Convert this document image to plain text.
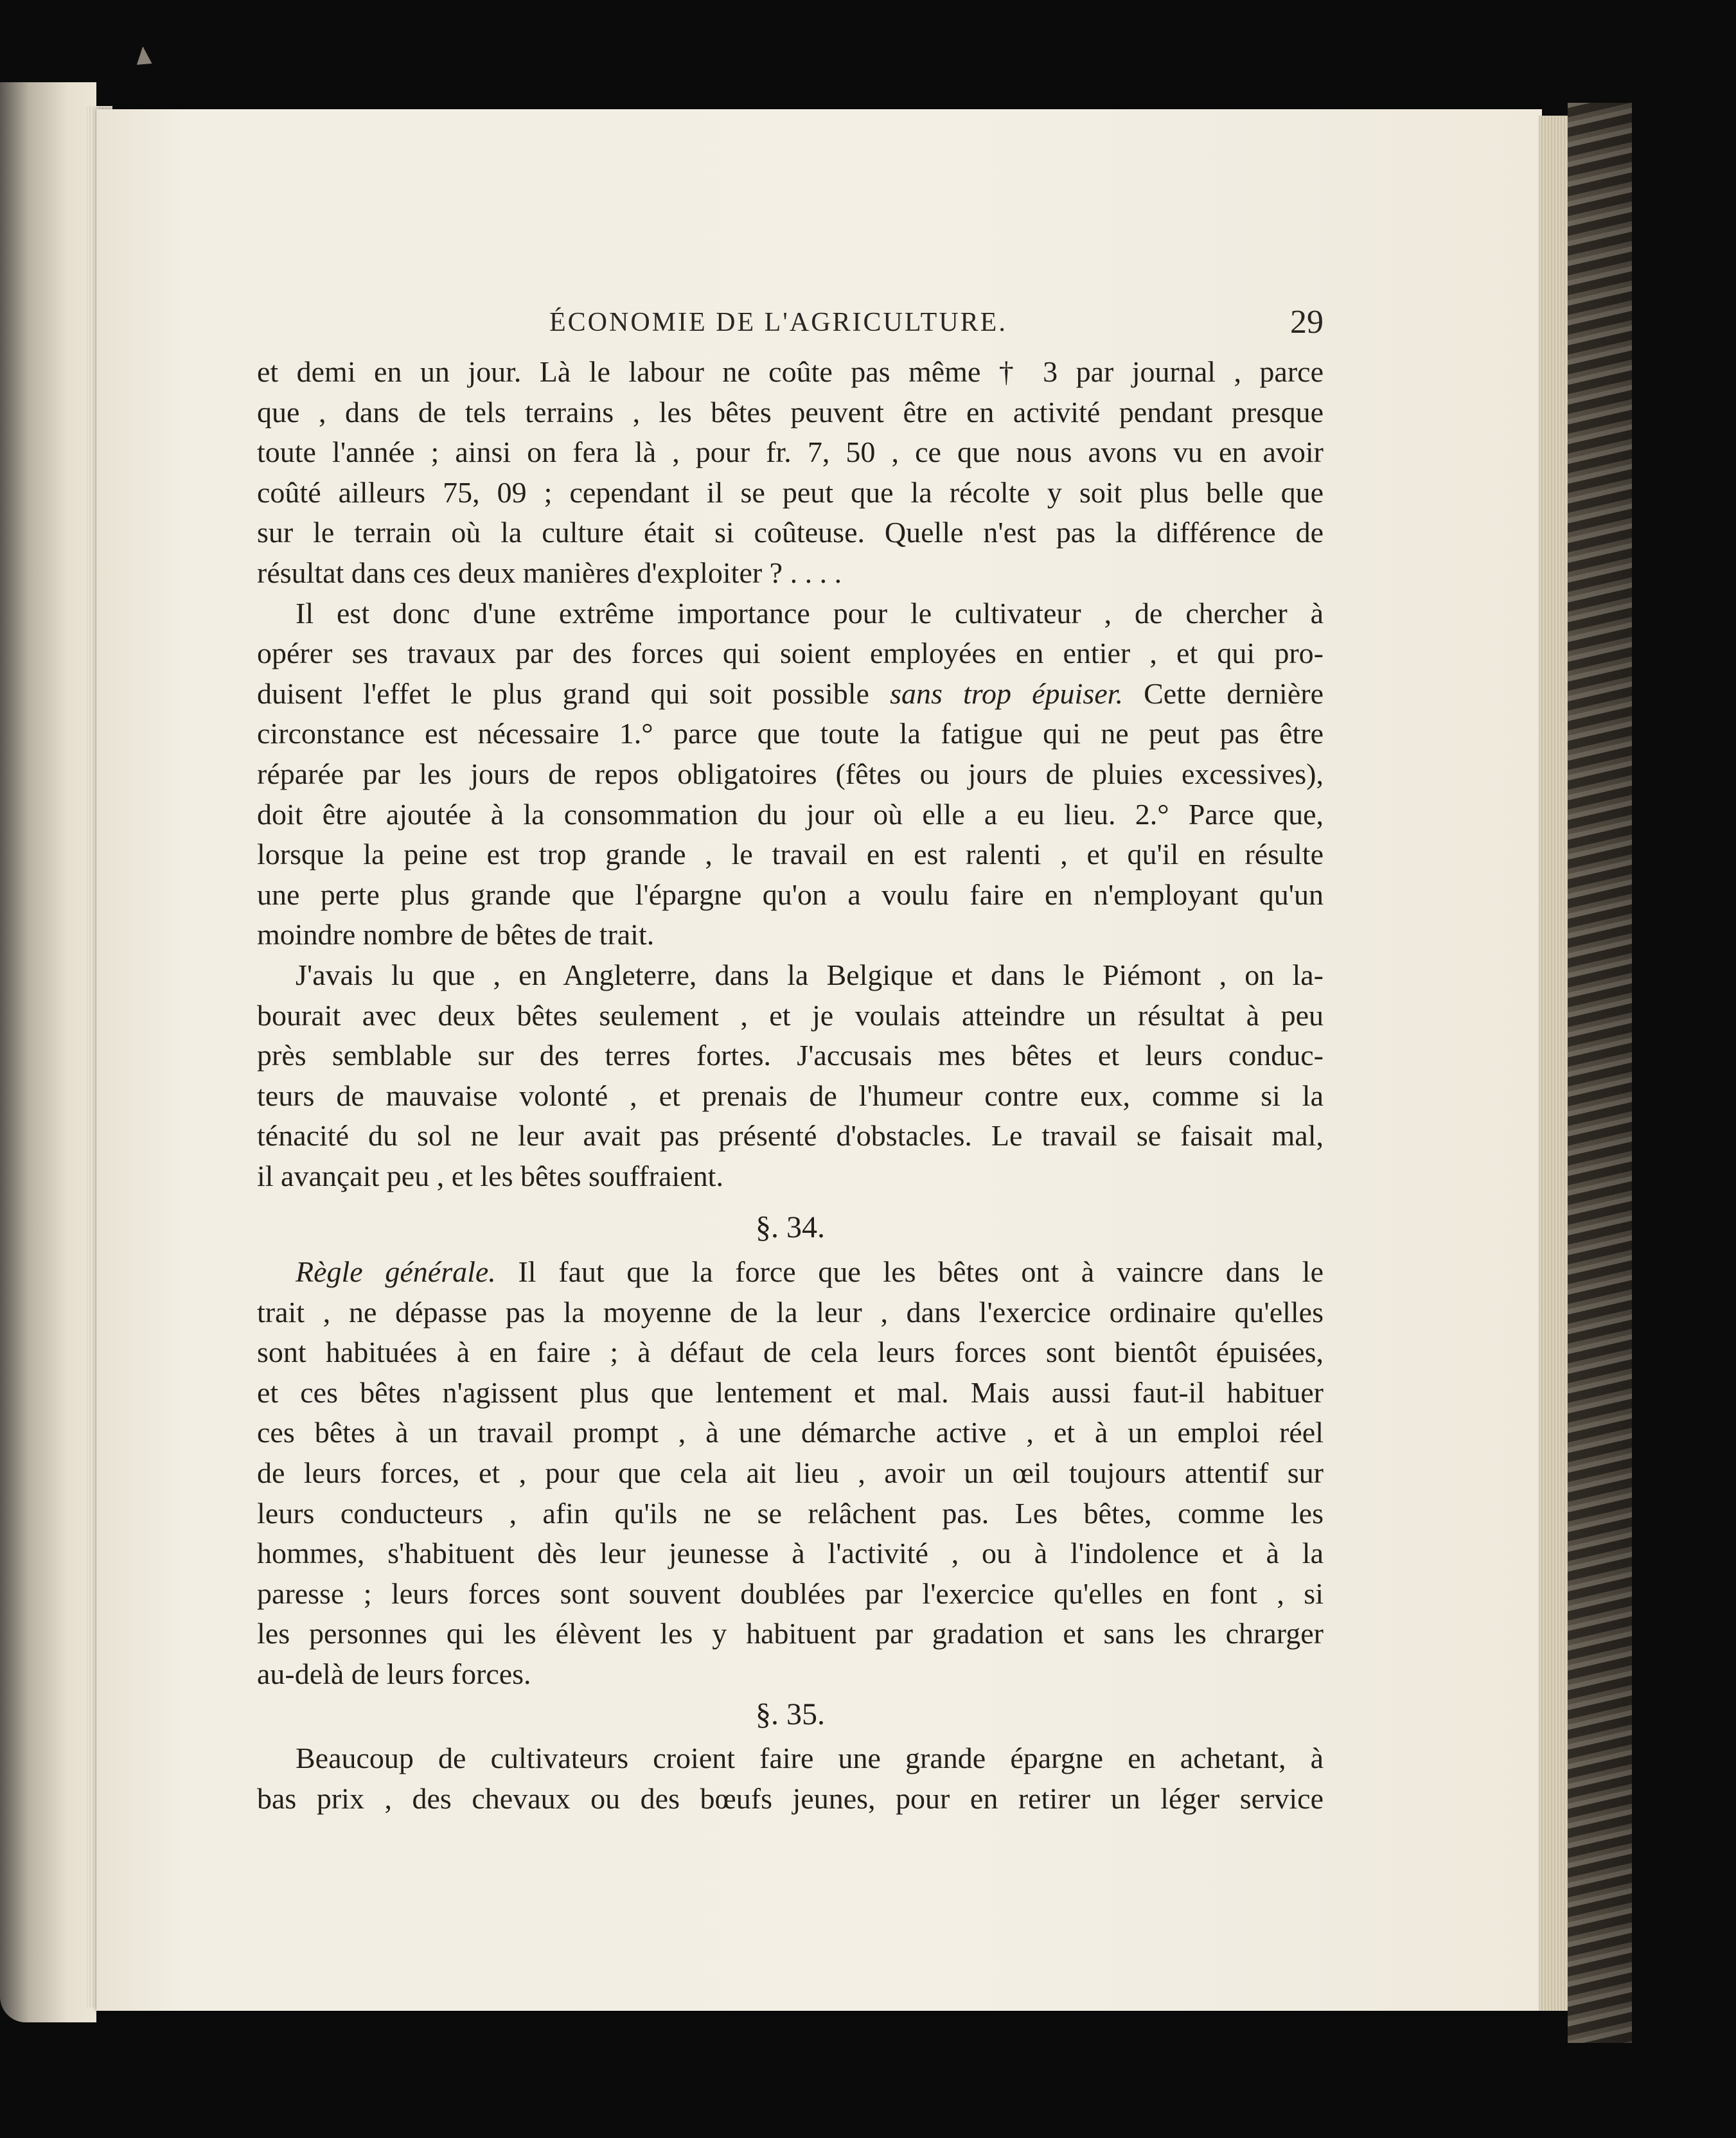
ÉCONOMIE DE L'AGRICULTURE.	29
et demi en un jour. Là le labour ne coûte pas même † 3 par journal , parce
que , dans de tels terrains , les bêtes peuvent être en activité pendant presque
toute l'année ; ainsi on fera là , pour fr. 7, 50 , ce que nous avons vu en avoir
coûté ailleurs 75, 09 ; cependant il se peut que la récolte y soit plus belle que
sur le terrain où la culture était si coûteuse. Quelle n'est pas la différence de
résultat dans ces deux manières d'exploiter ? . . . .
Il est donc d'une extrême importance pour le cultivateur , de chercher à
opérer ses travaux par des forces qui soient employées en entier , et qui pro-
duisent l'effet le plus grand qui soit possible sans trop épuiser. Cette dernière
circonstance est nécessaire 1.° parce que toute la fatigue qui ne peut pas être
réparée par les jours de repos obligatoires (fêtes ou jours de pluies excessives),
doit être ajoutée à la consommation du jour où elle a eu lieu. 2.° Parce que,
lorsque la peine est trop grande , le travail en est ralenti , et qu'il en résulte
une perte plus grande que l'épargne qu'on a voulu faire en n'employant qu'un
moindre nombre de bêtes de trait.
J'avais lu que , en Angleterre, dans la Belgique et dans le Piémont , on la-
bourait avec deux bêtes seulement , et je voulais atteindre un résultat à peu
près semblable sur des terres fortes. J'accusais mes bêtes et leurs conduc-
teurs de mauvaise volonté , et prenais de l'humeur contre eux, comme si la
ténacité du sol ne leur avait pas présenté d'obstacles. Le travail se faisait mal,
il avançait peu , et les bêtes souffraient.
§. 34.
Règle générale. Il faut que la force que les bêtes ont à vaincre dans le
trait , ne dépasse pas la moyenne de la leur , dans l'exercice ordinaire qu'elles
sont habituées à en faire ; à défaut de cela leurs forces sont bientôt épuisées,
et ces bêtes n'agissent plus que lentement et mal. Mais aussi faut-il habituer
ces bêtes à un travail prompt , à une démarche active , et à un emploi réel
de leurs forces, et , pour que cela ait lieu , avoir un œil toujours attentif sur
leurs conducteurs , afin qu'ils ne se relâchent pas. Les bêtes, comme les
hommes, s'habituent dès leur jeunesse à l'activité , ou à l'indolence et à la
paresse ; leurs forces sont souvent doublées par l'exercice qu'elles en font , si
les personnes qui les élèvent les y habituent par gradation et sans les chrarger
au-delà de leurs forces.
§. 35.
Beaucoup de cultivateurs croient faire une grande épargne en achetant, à
bas prix , des chevaux ou des bœufs jeunes, pour en retirer un léger service
